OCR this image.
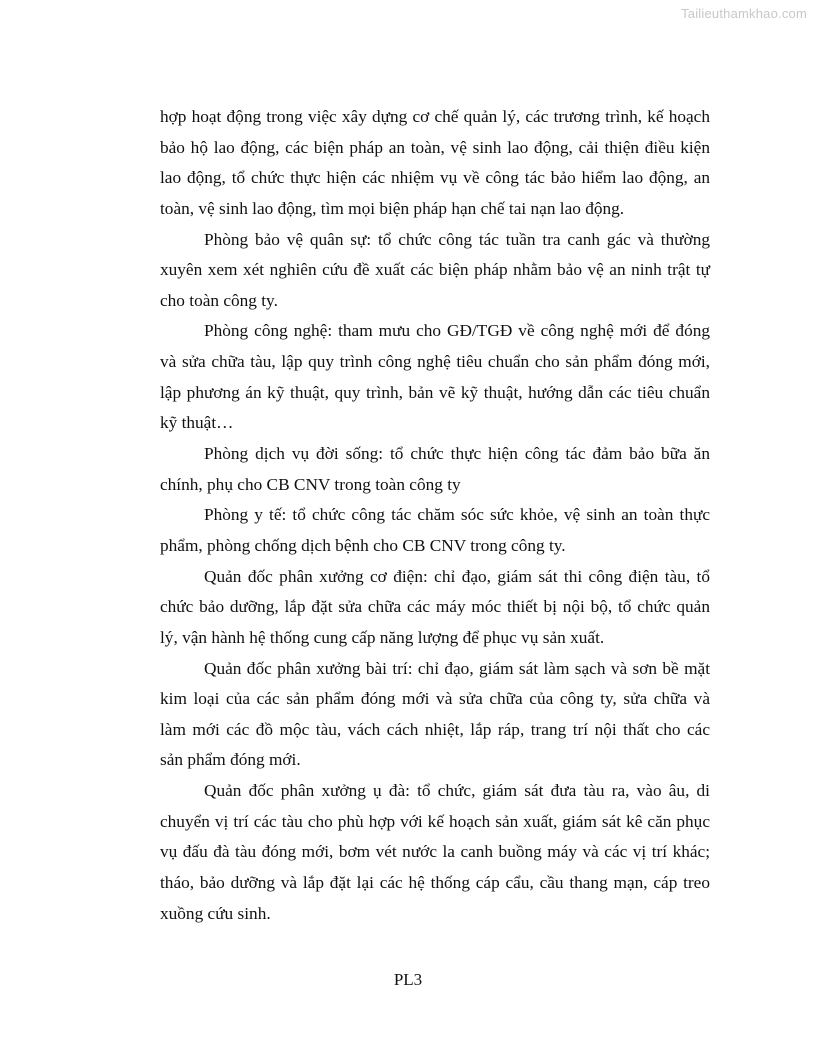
Tailieuthamkhao.com
hợp hoạt động trong việc xây dựng cơ chế quản lý, các trương trình, kế hoạch
bảo hộ lao động, các biện pháp an toàn, vệ sinh lao động, cải thiện điều kiện
lao động, tổ chức thực hiện các nhiệm vụ về công tác bảo hiểm lao động, an
toàn, vệ sinh lao động, tìm mọi biện pháp hạn chế tai nạn lao động.
Phòng bảo vệ quân sự: tổ chức công tác tuần tra canh gác và thường
xuyên xem xét nghiên cứu đề xuất các biện pháp nhằm bảo vệ an ninh trật tự
cho toàn công ty.
Phòng công nghệ: tham mưu cho GĐ/TGĐ về công nghệ mới để đóng
và sửa chữa tàu, lập quy trình công nghệ tiêu chuẩn cho sản phẩm đóng mới,
lập phương án kỹ thuật, quy trình, bản vẽ kỹ thuật, hướng dẫn các tiêu chuẩn
kỹ thuật…
Phòng dịch vụ đời sống: tổ chức thực hiện công tác đảm bảo bữa ăn
chính, phụ cho CB CNV trong toàn công ty
Phòng y tế: tổ chức công tác chăm sóc sức khỏe, vệ sinh an toàn thực
phẩm, phòng chống dịch bệnh cho CB CNV trong công ty.
Quản đốc phân xưởng cơ điện: chỉ đạo, giám sát thi công điện tàu, tổ
chức bảo dưỡng, lắp đặt sửa chữa các máy móc thiết bị nội bộ, tổ chức quản
lý, vận hành hệ thống cung cấp năng lượng để phục vụ sản xuất.
Quản đốc phân xưởng bài trí: chỉ đạo, giám sát làm sạch và sơn bề mặt
kim loại của các sản phẩm đóng mới và sửa chữa của công ty, sửa chữa và
làm mới các đồ mộc tàu, vách cách nhiệt, lắp ráp, trang trí nội thất cho các
sản phẩm đóng mới.
Quản đốc phân xưởng ụ đà: tổ chức, giám sát đưa tàu ra, vào âu, di
chuyển vị trí các tàu cho phù hợp với kế hoạch sản xuất, giám sát kê căn phục
vụ đấu đà tàu đóng mới, bơm vét nước la canh buồng máy và các vị trí khác;
tháo, bảo dưỡng và lắp đặt lại các hệ thống cáp cẩu, cầu thang mạn, cáp treo
xuồng cứu sinh.
PL3
